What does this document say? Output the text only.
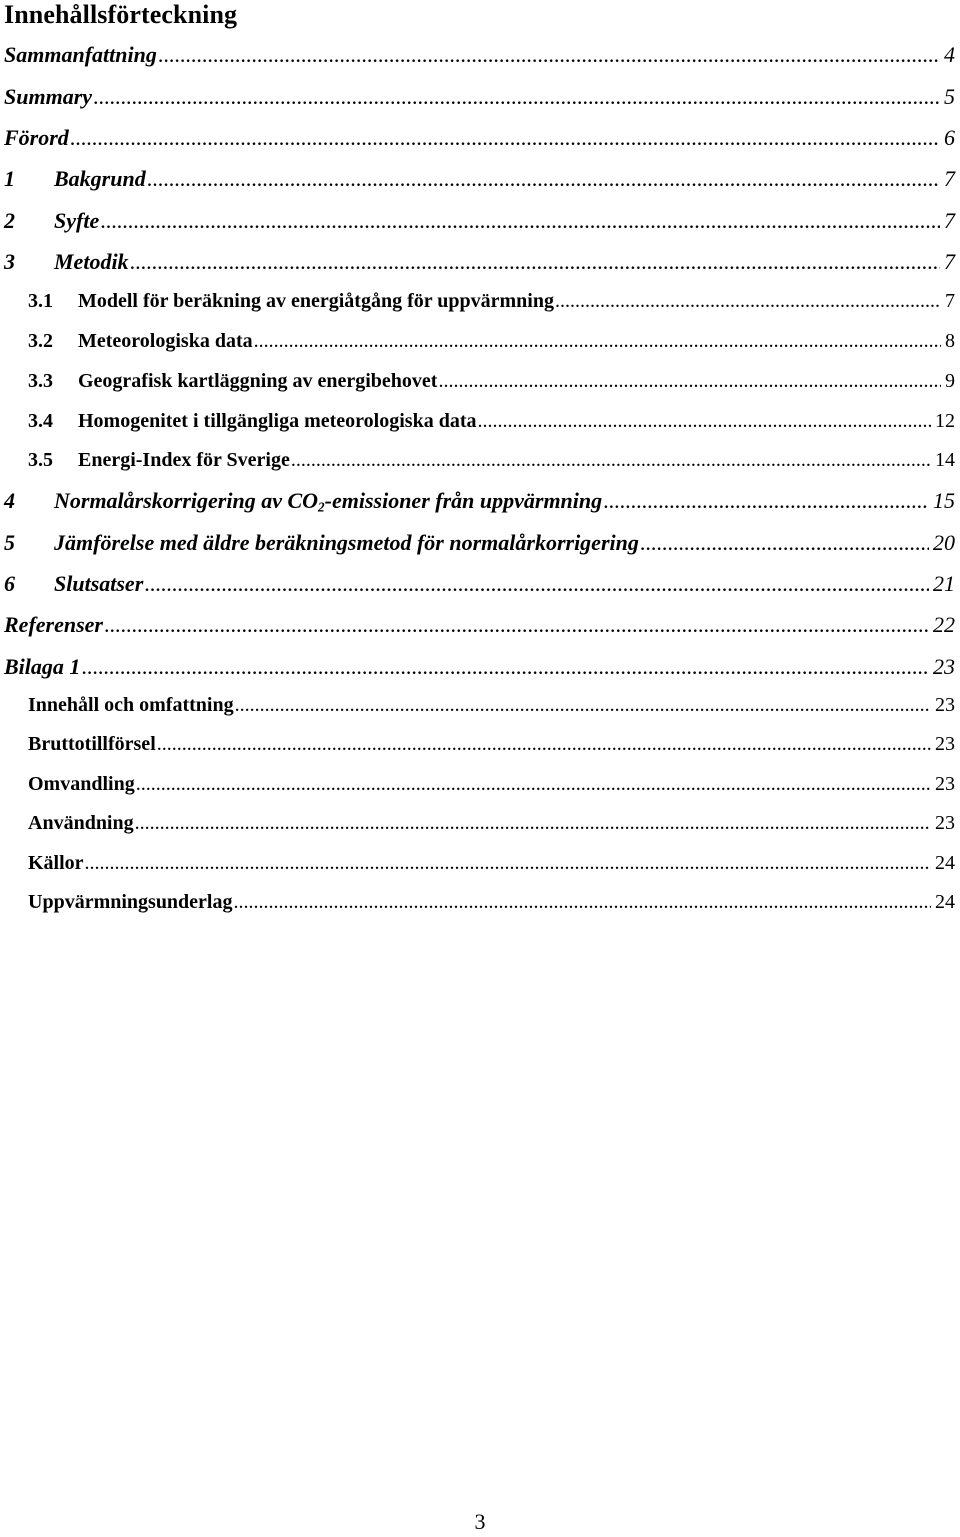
Innehållsförteckning
Sammanfattning .....	4
Summary .....	5
Förord .....	6
1	Bakgrund .....	7
2	Syfte .....	7
3	Metodik .....	7
3.1	Modell för beräkning av energiåtgång för uppvärmning .....	7
3.2	Meteorologiska data .....	8
3.3	Geografisk kartläggning av energibehovet .....	9
3.4	Homogenitet i tillgängliga meteorologiska data .....	12
3.5	Energi-Index för Sverige .....	14
4	Normalårskorrigering av $CO_2$-emissioner från uppvärmning .....	15
5	Jämförelse med äldre beräkningsmetod för normalårkorrigering .....	20
6	Slutsatser .....	21
Referenser .....	22
Bilaga 1 .....	23
Innehåll och omfattning .....	23
Bruttotillförsel .....	23
Omvandling .....	23
Användning .....	23
Källor .....	24
Uppvärmningsunderlag .....	24
3
